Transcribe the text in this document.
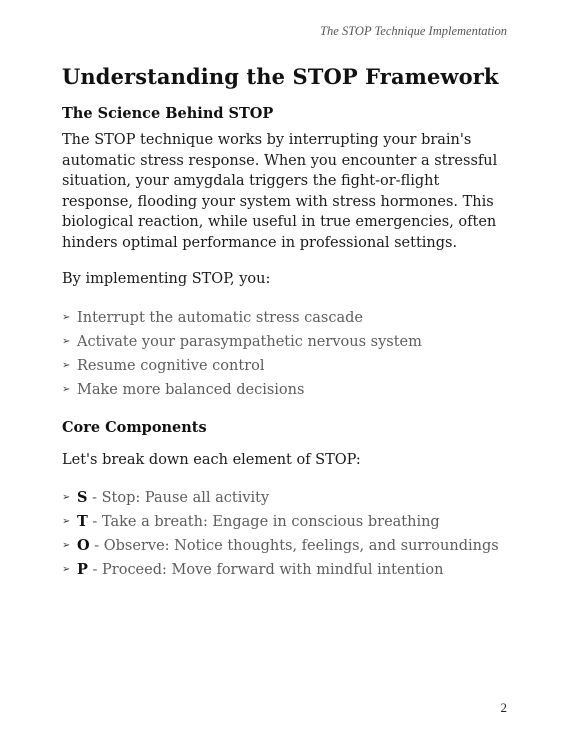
The STOP Technique Implementation
Understanding the STOP Framework
The Science Behind STOP

The STOP technique works by interrupting your brain's automatic stress response. When you encounter a stressful situation, your amygdala triggers the fight-or-flight response, flooding your system with stress hormones. This biological reaction, while useful in true emergencies, often hinders optimal performance in professional settings.

By implementing STOP, you:

➢ Interrupt the automatic stress cascade
➢ Activate your parasympathetic nervous system
➢ Resume cognitive control
➢ Make more balanced decisions
Core Components

Let's break down each element of STOP:

➢ S - Stop: Pause all activity
➢ T - Take a breath: Engage in conscious breathing
➢ O - Observe: Notice thoughts, feelings, and surroundings
➢ P - Proceed: Move forward with mindful intention
2
